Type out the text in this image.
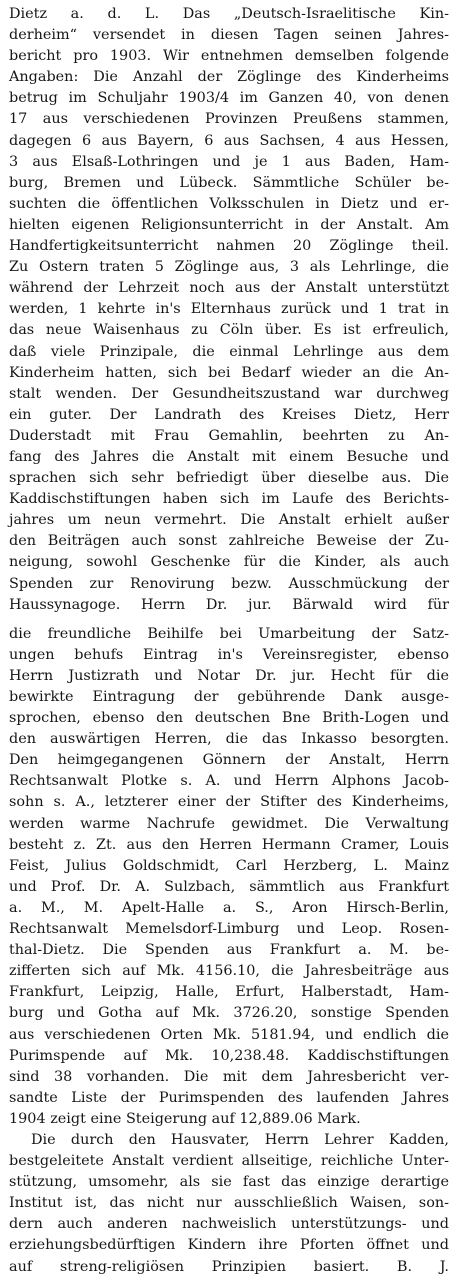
Dietz a. d. L. Das „Deutsch-Israelitische Kin-
derheim“ versendet in diesen Tagen seinen Jahres-
bericht pro 1903. Wir entnehmen demselben folgende
Angaben: Die Anzahl der Zöglinge des Kinderheims
betrug im Schuljahr 1903/4 im Ganzen 40, von denen
17 aus verschiedenen Provinzen Preußens stammen,
dagegen 6 aus Bayern, 6 aus Sachsen, 4 aus Hessen,
3 aus Elsaß-Lothringen und je 1 aus Baden, Ham-
burg, Bremen und Lübeck. Sämmtliche Schüler be-
suchten die öffentlichen Volksschulen in Dietz und er-
hielten eigenen Religionsunterricht in der Anstalt. Am
Handfertigkeitsunterricht nahmen 20 Zöglinge theil.
Zu Ostern traten 5 Zöglinge aus, 3 als Lehrlinge, die
während der Lehrzeit noch aus der Anstalt unterstützt
werden, 1 kehrte in's Elternhaus zurück und 1 trat in
das neue Waisenhaus zu Cöln über. Es ist erfreulich,
daß viele Prinzipale, die einmal Lehrlinge aus dem
Kinderheim hatten, sich bei Bedarf wieder an die An-
stalt wenden. Der Gesundheitszustand war durchweg
ein guter. Der Landrath des Kreises Dietz, Herr
Duderstadt mit Frau Gemahlin, beehrten zu An-
fang des Jahres die Anstalt mit einem Besuche und
sprachen sich sehr befriedigt über dieselbe aus. Die
Kaddischstiftungen haben sich im Laufe des Berichts-
jahres um neun vermehrt. Die Anstalt erhielt außer
den Beiträgen auch sonst zahlreiche Beweise der Zu-
neigung, sowohl Geschenke für die Kinder, als auch
Spenden zur Renovirung bezw. Ausschmückung der
Haussynagoge. Herrn Dr. jur. Bärwald wird für
die freundliche Beihilfe bei Umarbeitung der Satz-
ungen behufs Eintrag in's Vereinsregister, ebenso
Herrn Justizrath und Notar Dr. jur. Hecht für die
bewirkte Eintragung der gebührende Dank ausge-
sprochen, ebenso den deutschen Bne Brith-Logen und
den auswärtigen Herren, die das Inkasso besorgten.
Den heimgegangenen Gönnern der Anstalt, Herrn
Rechtsanwalt Plotke s. A. und Herrn Alphons Jacob-
sohn s. A., letzterer einer der Stifter des Kinderheims,
werden warme Nachrufe gewidmet. Die Verwaltung
besteht z. Zt. aus den Herren Hermann Cramer, Louis
Feist, Julius Goldschmidt, Carl Herzberg, L. Mainz
und Prof. Dr. A. Sulzbach, sämmtlich aus Frankfurt
a. M., M. Apelt-Halle a. S., Aron Hirsch-Berlin,
Rechtsanwalt Memelsdorf-Limburg und Leop. Rosen-
thal-Dietz. Die Spenden aus Frankfurt a. M. be-
zifferten sich auf Mk. 4156.10, die Jahresbeiträge aus
Frankfurt, Leipzig, Halle, Erfurt, Halberstadt, Ham-
burg und Gotha auf Mk. 3726.20, sonstige Spenden
aus verschiedenen Orten Mk. 5181.94, und endlich die
Purimspende auf Mk. 10,238.48. Kaddischstiftungen
sind 38 vorhanden. Die mit dem Jahresbericht ver-
sandte Liste der Purimspenden des laufenden Jahres
1904 zeigt eine Steigerung auf 12,889.06 Mark.
Die durch den Hausvater, Herrn Lehrer Kadden,
bestgeleitete Anstalt verdient allseitige, reichliche Unter-
stützung, umsomehr, als sie fast das einzige derartige
Institut ist, das nicht nur ausschließlich Waisen, son-
dern auch anderen nachweislich unterstützungs- und
erziehungsbedürftigen Kindern ihre Pforten öffnet und
auf streng-religiösen Prinzipien basiert. B. J.
